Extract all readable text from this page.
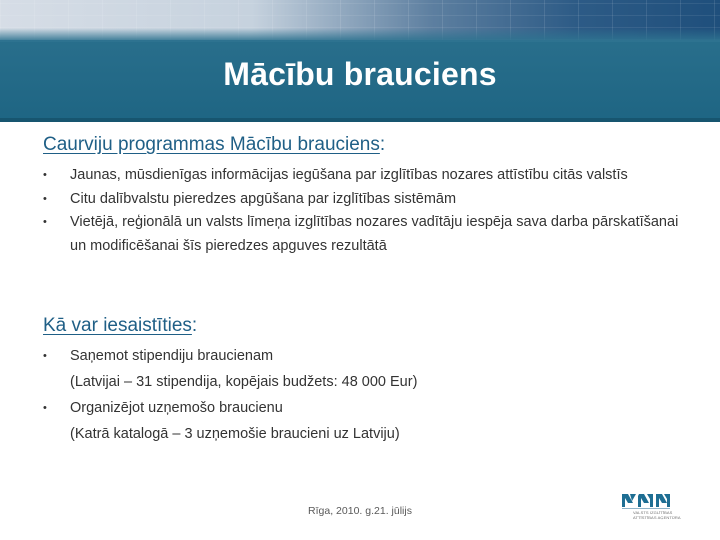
Mācību brauciens
Caurviju programmas Mācību brauciens:
•	Jaunas, mūsdienīgas informācijas iegūšana par izglītības nozares attīstību citās valstīs
•	Citu dalībvalstu pieredzes apgūšana par izglītības sistēmām
•	Vietējā, reģionālā un valsts līmeņa izglītības nozares vadītāju iespēja sava darba pārskatīšanai un modificēšanai šīs pieredzes apguves rezultātā
Kā var iesaistīties:
•	Saņemot stipendiju braucienam
(Latvijai – 31 stipendija, kopējais budžets: 48 000 Eur)
•	Organizējot uzņemošo braucienu
(Katrā katalogā – 3 uzņemošie braucieni uz Latviju)
Rīga, 2010. g.21. jūlijs	VALSTS IZGLĪTĪBAS
ATTĪSTĪBAS AĢENTŪRA
